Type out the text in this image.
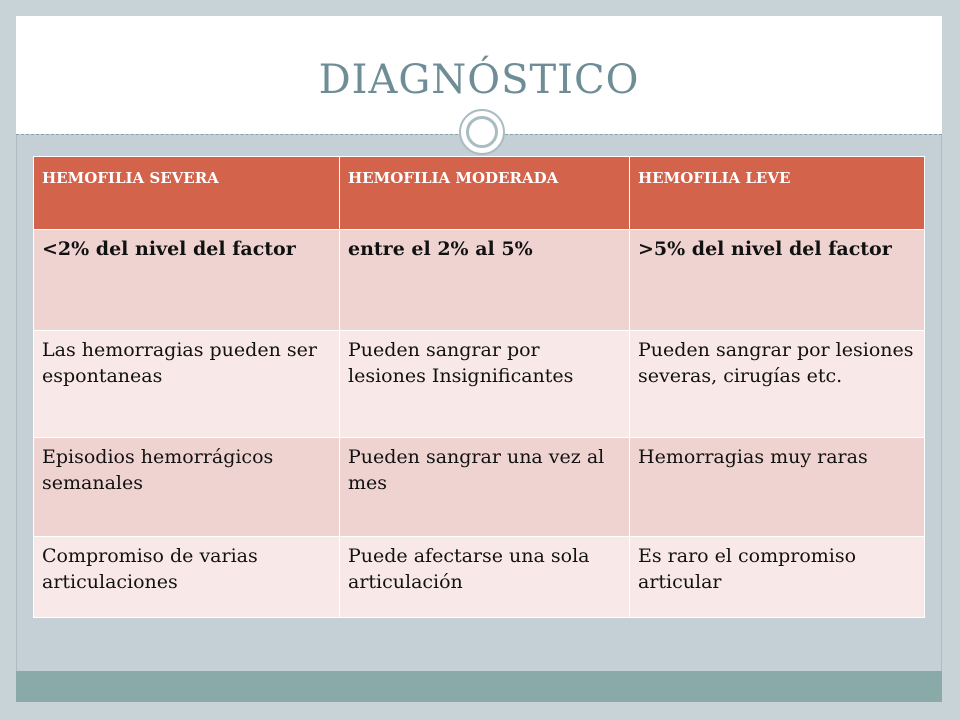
DIAGNÓSTICO
HEMOFILIA SEVERA	HEMOFILIA MODERADA	HEMOFILIA LEVE
<2% del nivel del factor	entre el 2% al 5%	>5% del nivel del factor
Las hemorragias pueden ser espontaneas	Pueden sangrar por lesiones Insignificantes	Pueden sangrar por lesiones severas, cirugías etc.
Episodios hemorrágicos semanales	Pueden sangrar una vez al mes	Hemorragias muy raras
Compromiso de varias articulaciones	Puede afectarse una sola articulación	Es raro el compromiso articular
